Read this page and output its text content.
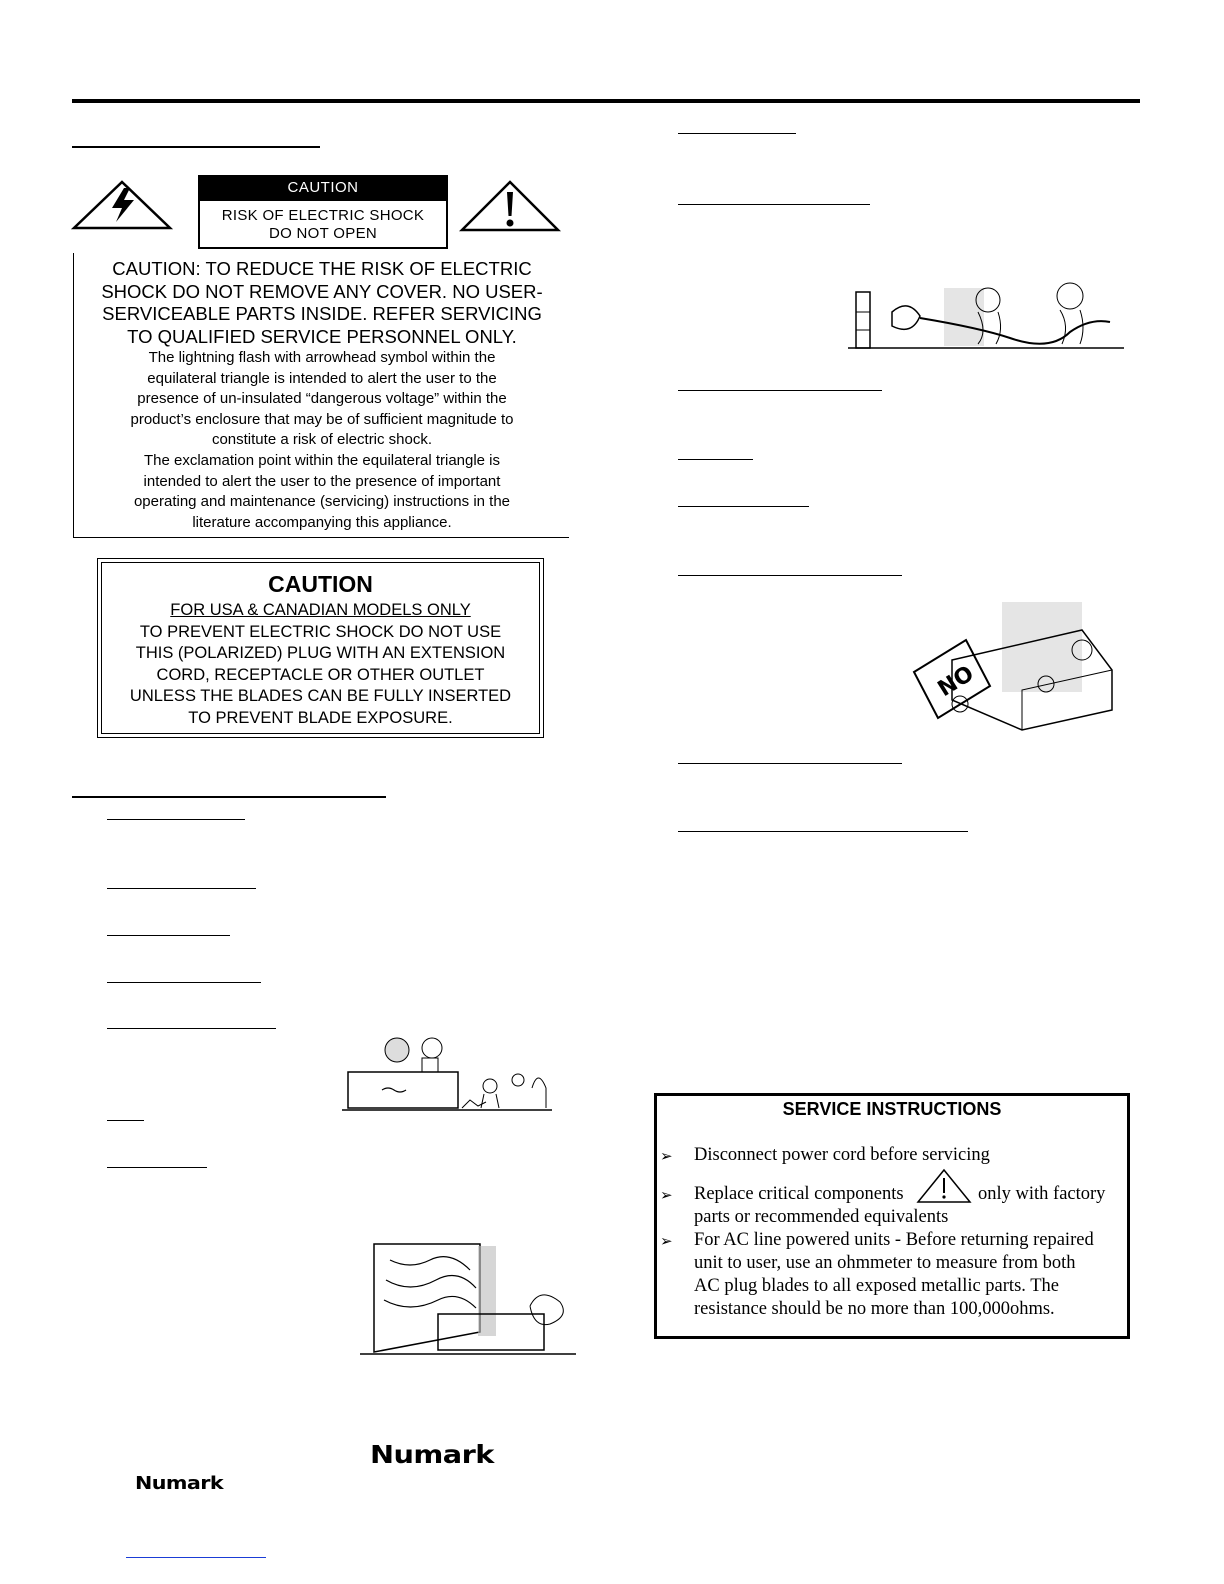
CAUTION
RISK OF ELECTRIC SHOCK
DO NOT OPEN
CAUTION: TO REDUCE THE RISK OF ELECTRIC
SHOCK DO NOT REMOVE ANY COVER. NO USER-
SERVICEABLE PARTS INSIDE. REFER SERVICING
TO QUALIFIED SERVICE PERSONNEL ONLY.
The lightning flash with arrowhead symbol within the
equilateral triangle is intended to alert the user to the
presence of un-insulated “dangerous voltage” within the
product’s enclosure that may be of sufficient magnitude to
constitute a risk of electric shock.
The exclamation point within the equilateral triangle is
intended to alert the user to the presence of important
operating and maintenance (servicing) instructions in the
literature accompanying this appliance.
CAUTION
FOR USA & CANADIAN MODELS ONLY
TO PREVENT ELECTRIC SHOCK DO NOT USE
THIS (POLARIZED) PLUG WITH AN EXTENSION
CORD, RECEPTACLE OR OTHER OUTLET
UNLESS THE BLADES CAN BE FULLY INSERTED
TO PREVENT BLADE EXPOSURE.
Numark
Numark
NO
SERVICE INSTRUCTIONS
➢ Disconnect power cord before servicing
➢ Replace critical components	only with factory
parts or recommended equivalents
➢ For AC line powered units - Before returning repaired
unit to user, use an ohmmeter to measure from both
AC plug blades to all exposed metallic parts. The
resistance should be no more than 100,000ohms.
